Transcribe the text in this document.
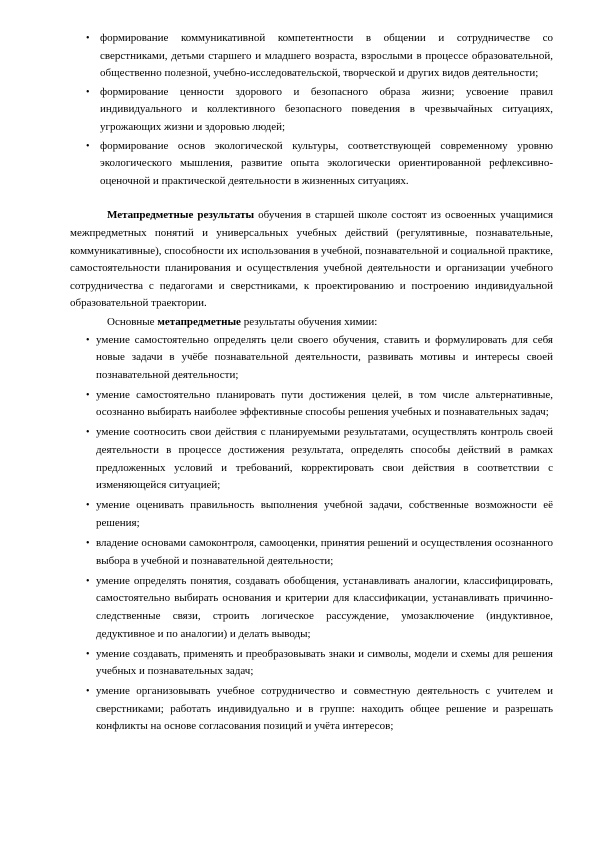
• формирование коммуникативной компетентности в общении и сотрудничестве со сверстниками, детьми старшего и младшего возраста, взрослыми в процессе образовательной, общественно полезной, учебно-исследовательской, творческой и других видов деятельности;
• формирование ценности здорового и безопасного образа жизни; усвоение правил индивидуального и коллективного безопасного поведения в чрезвычайных ситуациях, угрожающих жизни и здоровью людей;
• формирование основ экологической культуры, соответствующей современному уровню экологического мышления, развитие опыта экологически ориентированной рефлексивно-оценочной и практической деятельности в жизненных ситуациях.

Метапредметные результаты обучения в старшей школе состоят из освоенных учащимися межпредметных понятий и универсальных учебных действий (регулятивные, познавательные, коммуникативные), способности их использования в учебной, познавательной и социальной практике, самостоятельности планирования и осуществления учебной деятельности и организации учебного сотрудничества с педагогами и сверстниками, к проектированию и построению индивидуальной образовательной траектории.

Основные метапредметные результаты обучения химии:

• умение самостоятельно определять цели своего обучения, ставить и формулировать для себя новые задачи в учёбе познавательной деятельности, развивать мотивы и интересы своей познавательной деятельности;
• умение самостоятельно планировать пути достижения целей, в том числе альтернативные, осознанно выбирать наиболее эффективные способы решения учебных и познавательных задач;
• умение соотносить свои действия с планируемыми результатами, осуществлять контроль своей деятельности в процессе достижения результата, определять способы действий в рамках предложенных условий и требований, корректировать свои действия в соответствии с изменяющейся ситуацией;
• умение оценивать правильность выполнения учебной задачи, собственные возможности её решения;
• владение основами самоконтроля, самооценки, принятия решений и осуществления осознанного выбора в учебной и познавательной деятельности;
• умение определять понятия, создавать обобщения, устанавливать аналогии, классифицировать, самостоятельно выбирать основания и критерии для классификации, устанавливать причинно-следственные связи, строить логическое рассуждение, умозаключение (индуктивное, дедуктивное и по аналогии) и делать выводы;
• умение создавать, применять и преобразовывать знаки и символы, модели и схемы для решения учебных и познавательных задач;
• умение организовывать учебное сотрудничество и совместную деятельность с учителем и сверстниками; работать индивидуально и в группе: находить общее решение и разрешать конфликты на основе согласования позиций и учёта интересов;
